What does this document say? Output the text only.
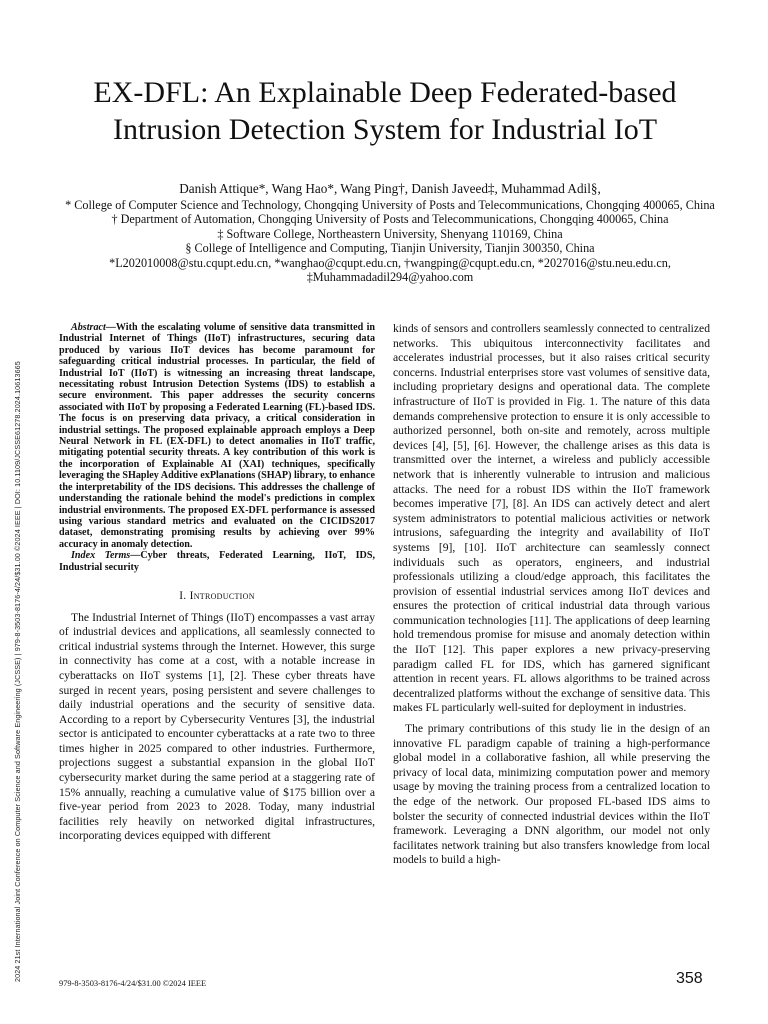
2024 21st International Joint Conference on Computer Science and Software Engineering (JCSSE) | 979-8-3503-8176-4/24/$31.00 ©2024 IEEE | DOI: 10.1109/JCSSE61278.2024.10613665
EX-DFL: An Explainable Deep Federated-based
Intrusion Detection System for Industrial IoT
Danish Attique*, Wang Hao*, Wang Ping†, Danish Javeed‡, Muhammad Adil§,
* College of Computer Science and Technology, Chongqing University of Posts and Telecommunications, Chongqing 400065, China
† Department of Automation, Chongqing University of Posts and Telecommunications, Chongqing 400065, China
‡ Software College, Northeastern University, Shenyang 110169, China
§ College of Intelligence and Computing, Tianjin University, Tianjin 300350, China
*L202010008@stu.cqupt.edu.cn, *wanghao@cqupt.edu.cn, †wangping@cqupt.edu.cn, *2027016@stu.neu.edu.cn,
‡Muhammadadil294@yahoo.com

Abstract—With the escalating volume of sensitive data transmitted in Industrial Internet of Things (IIoT) infrastructures, securing data produced by various IIoT devices has become paramount for safeguarding critical industrial processes. In particular, the field of Industrial IoT (IIoT) is witnessing an increasing threat landscape, necessitating robust Intrusion Detection Systems (IDS) to establish a secure environment. This paper addresses the security concerns associated with IIoT by proposing a Federated Learning (FL)-based IDS. The focus is on preserving data privacy, a critical consideration in industrial settings. The proposed explainable approach employs a Deep Neural Network in FL (EX-DFL) to detect anomalies in IIoT traffic, mitigating potential security threats. A key contribution of this work is the incorporation of Explainable AI (XAI) techniques, specifically leveraging the SHapley Additive exPlanations (SHAP) library, to enhance the interpretability of the IDS decisions. This addresses the challenge of understanding the rationale behind the model's predictions in complex industrial environments. The proposed EX-DFL performance is assessed using various standard metrics and evaluated on the CICIDS2017 dataset, demonstrating promising results by achieving over 99% accuracy in anomaly detection.

Index Terms—Cyber threats, Federated Learning, IIoT, IDS, Industrial security

I. Introduction

The Industrial Internet of Things (IIoT) encompasses a vast array of industrial devices and applications, all seamlessly connected to critical industrial systems through the Internet. However, this surge in connectivity has come at a cost, with a notable increase in cyberattacks on IIoT systems [1], [2]. These cyber threats have surged in recent years, posing persistent and severe challenges to daily industrial operations and the security of sensitive data. According to a report by Cybersecurity Ventures [3], the industrial sector is anticipated to encounter cyberattacks at a rate two to three times higher in 2025 compared to other industries. Furthermore, projections suggest a substantial expansion in the global IIoT cybersecurity market during the same period at a staggering rate of 15% annually, reaching a cumulative value of $175 billion over a five-year period from 2023 to 2028. Today, many industrial facilities rely heavily on networked digital infrastructures, incorporating devices equipped with different

kinds of sensors and controllers seamlessly connected to centralized networks. This ubiquitous interconnectivity facilitates and accelerates industrial processes, but it also raises critical security concerns. Industrial enterprises store vast volumes of sensitive data, including proprietary designs and operational data. The complete infrastructure of IIoT is provided in Fig. 1. The nature of this data demands comprehensive protection to ensure it is only accessible to authorized personnel, both on-site and remotely, across multiple devices [4], [5], [6]. However, the challenge arises as this data is transmitted over the internet, a wireless and publicly accessible network that is inherently vulnerable to intrusion and malicious attacks. The need for a robust IDS within the IIoT framework becomes imperative [7], [8]. An IDS can actively detect and alert system administrators to potential malicious activities or network intrusions, safeguarding the integrity and availability of IIoT systems [9], [10]. IIoT architecture can seamlessly connect individuals such as operators, engineers, and industrial professionals utilizing a cloud/edge approach, this facilitates the provision of essential industrial services among IIoT devices and ensures the protection of critical industrial data through various communication technologies [11]. The applications of deep learning hold tremendous promise for misuse and anomaly detection within the IIoT [12]. This paper explores a new privacy-preserving paradigm called FL for IDS, which has garnered significant attention in recent years. FL allows algorithms to be trained across decentralized platforms without the exchange of sensitive data. This makes FL particularly well-suited for deployment in industries.

The primary contributions of this study lie in the design of an innovative FL paradigm capable of training a high-performance global model in a collaborative fashion, all while preserving the privacy of local data, minimizing computation power and memory usage by moving the training process from a centralized location to the edge of the network. Our proposed FL-based IDS aims to bolster the security of connected industrial devices within the IIoT framework. Leveraging a DNN algorithm, our model not only facilitates network training but also transfers knowledge from local models to build a high-

979-8-3503-8176-4/24/$31.00 ©2024 IEEE	358
